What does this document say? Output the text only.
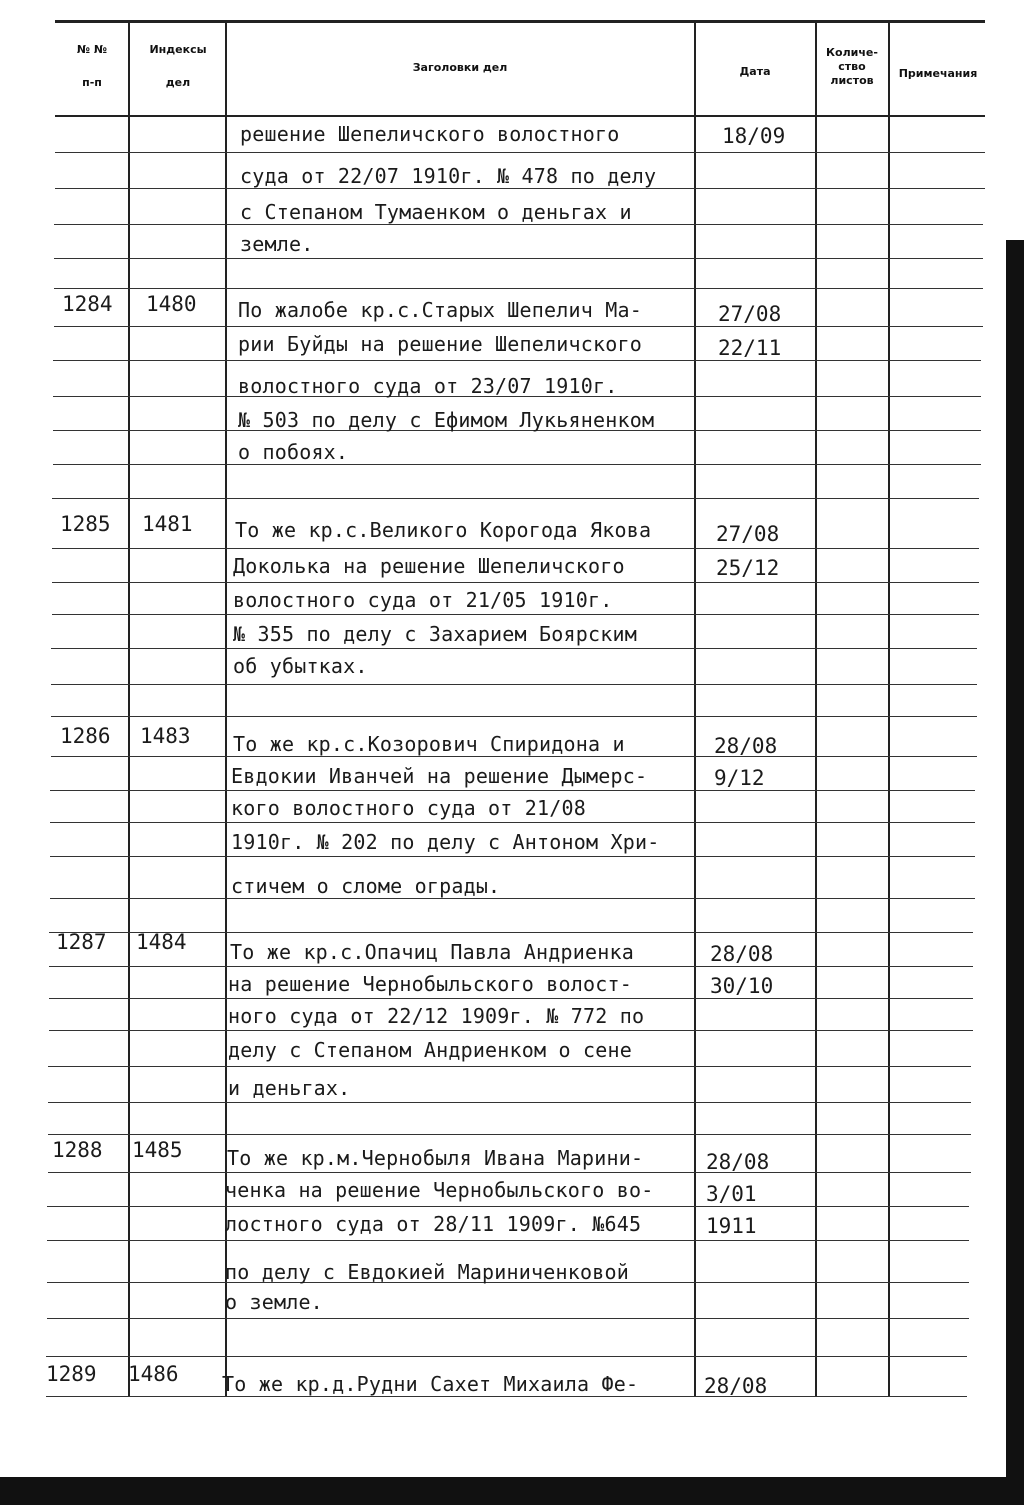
№ №
п-п
Индексы
дел
Заголовки дел	Дата
Количе-
ство
листов
Примечания
решение Шепеличского волостного
суда от 22/07 1910г. № 478 по делу
с Степаном Тумаенком о деньгах и
земле.
18/09
1284 1480 По жалобе кр.с.Старых Шепелич Ма-
рии Буйды на решение Шепеличского
волостного суда от 23/07 1910г.
№ 503 по делу с Ефимом Лукьяненком
о побоях.
27/08
22/11
1285 1481 То же кр.с.Великого Корогода Якова
Доколька на решение Шепеличского
волостного суда от 21/05 1910г.
№ 355 по делу с Захарием Боярским
об убытках.
27/08
25/12
1286 1483 То же кр.с.Козорович Спиридона и
Евдокии Иванчей на решение Дымерс-
кого волостного суда от 21/08
1910г. № 202 по делу с Антоном Хри-
стичем о сломе ограды.
28/08
9/12
1287 1484 То же кр.с.Опачиц Павла Андриенка
на решение Чернобыльского волост-
ного суда от 22/12 1909г. № 772 по
делу с Степаном Андриенком о сене
и деньгах.
28/08
30/10
1288 1485 То же кр.м.Чернобыля Ивана Марини-
ченка на решение Чернобыльского во-
лостного суда от 28/11 1909г. №645
по делу с Евдокией Мариниченковой
о земле.
28/08
3/01
1911
1289 1486 То же кр.д.Рудни Сахет Михаила Фе-	28/08
